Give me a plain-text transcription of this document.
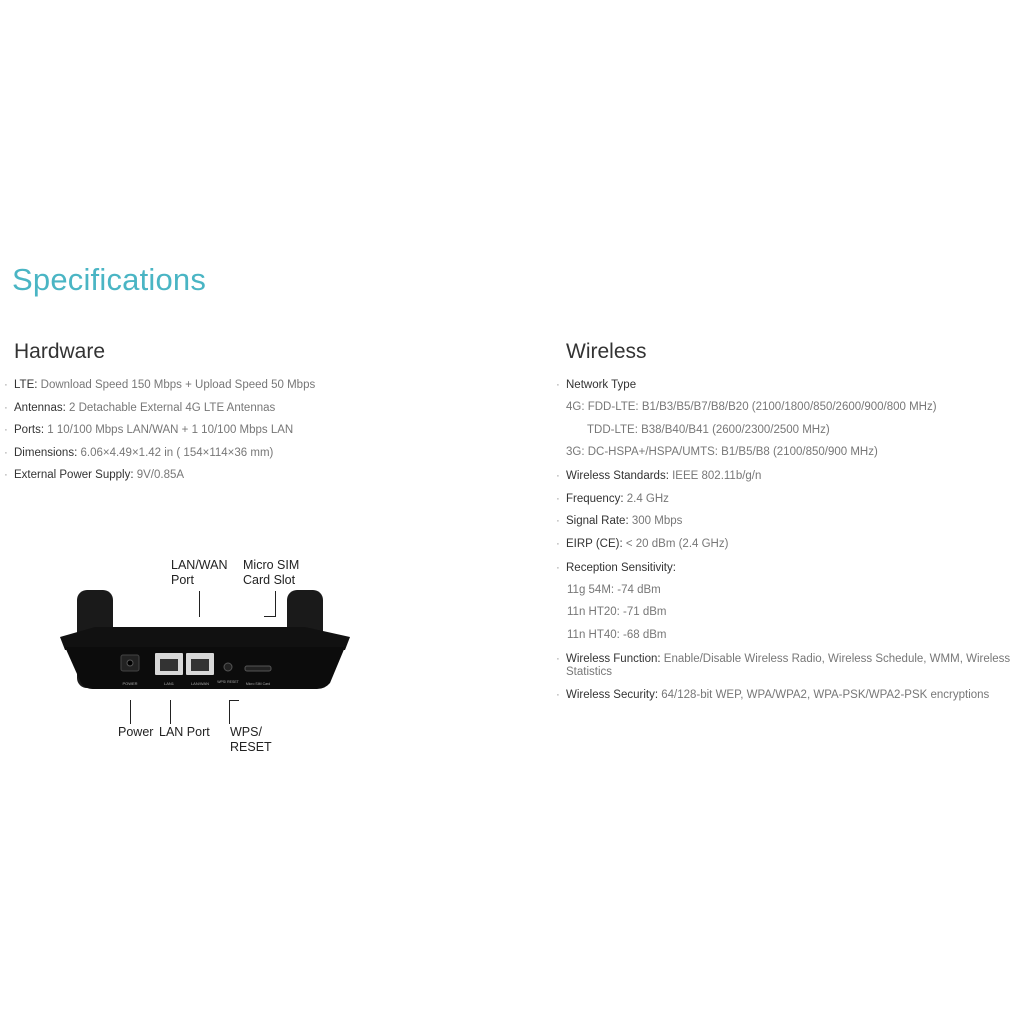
Specifications
Hardware
· LTE: Download Speed 150 Mbps + Upload Speed 50 Mbps
· Antennas: 2 Detachable External 4G LTE Antennas
· Ports: 1 10/100 Mbps LAN/WAN + 1 10/100 Mbps LAN
· Dimensions: 6.06×4.49×1.42 in ( 154×114×36 mm)
· External Power Supply: 9V/0.85A
Wireless
· Network Type
4G: FDD-LTE: B1/B3/B5/B7/B8/B20 (2100/1800/850/2600/900/800 MHz)
TDD-LTE: B38/B40/B41 (2600/2300/2500 MHz)
3G: DC-HSPA+/HSPA/UMTS: B1/B5/B8 (2100/850/900 MHz)
· Wireless Standards: IEEE 802.11b/g/n
· Frequency: 2.4 GHz
· Signal Rate: 300 Mbps
· EIRP (CE): < 20 dBm (2.4 GHz)
· Reception Sensitivity:
11g 54M: -74 dBm
11n HT20: -71 dBm
11n HT40: -68 dBm
· Wireless Function: Enable/Disable Wireless Radio, Wireless Schedule, WMM, Wireless Statistics
· Wireless Security: 64/128-bit WEP, WPA/WPA2, WPA-PSK/WPA2-PSK encryptions
POWER	LAN1	LAN/WAN WPS/ RESET Micro SIM Card
LAN/WAN
Port
Micro SIM
Card Slot
Power LAN Port WPS/
RESET
